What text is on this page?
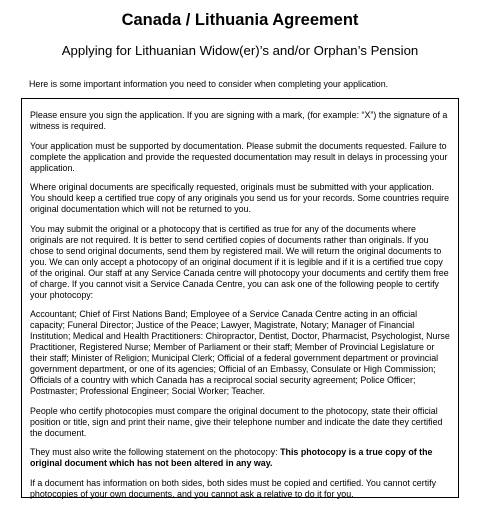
Canada / Lithuania Agreement
Applying for Lithuanian Widow(er)’s and/or Orphan’s Pension
Here is some important information you need to consider when completing your application.

Please ensure you sign the application. If you are signing with a mark, (for example: “X”) the signature of a witness is required.

Your application must be supported by documentation. Please submit the documents requested. Failure to complete the application and provide the requested documentation may result in delays in processing your application.

Where original documents are specifically requested, originals must be submitted with your application. You should keep a certified true copy of any originals you send us for your records. Some countries require original documentation which will not be returned to you.

You may submit the original or a photocopy that is certified as true for any of the documents where originals are not required. It is better to send certified copies of documents rather than originals. If you chose to send original documents, send them by registered mail. We will return the original documents to you. We can only accept a photocopy of an original document if it is legible and if it is a certified true copy of the original. Our staff at any Service Canada centre will photocopy your documents and certify them free of charge. If you cannot visit a Service Canada Centre, you can ask one of the following people to certify your photocopy:

Accountant; Chief of First Nations Band; Employee of a Service Canada Centre acting in an official capacity; Funeral Director; Justice of the Peace; Lawyer, Magistrate, Notary; Manager of Financial Institution; Medical and Health Practitioners: Chiropractor, Dentist, Doctor, Pharmacist, Psychologist, Nurse Practitioner, Registered Nurse; Member of Parliament or their staff; Member of Provincial Legislature or their staff; Minister of Religion; Municipal Clerk; Official of a federal government department or provincial government department, or one of its agencies; Official of an Embassy, Consulate or High Commission; Officials of a country with which Canada has a reciprocal social security agreement; Police Officer; Postmaster; Professional Engineer; Social Worker; Teacher.

People who certify photocopies must compare the original document to the photocopy, state their official position or title, sign and print their name, give their telephone number and indicate the date they certified the document.

They must also write the following statement on the photocopy: This photocopy is a true copy of the original document which has not been altered in any way.

If a document has information on both sides, both sides must be copied and certified. You cannot certify photocopies of your own documents, and you cannot ask a relative to do it for you.
